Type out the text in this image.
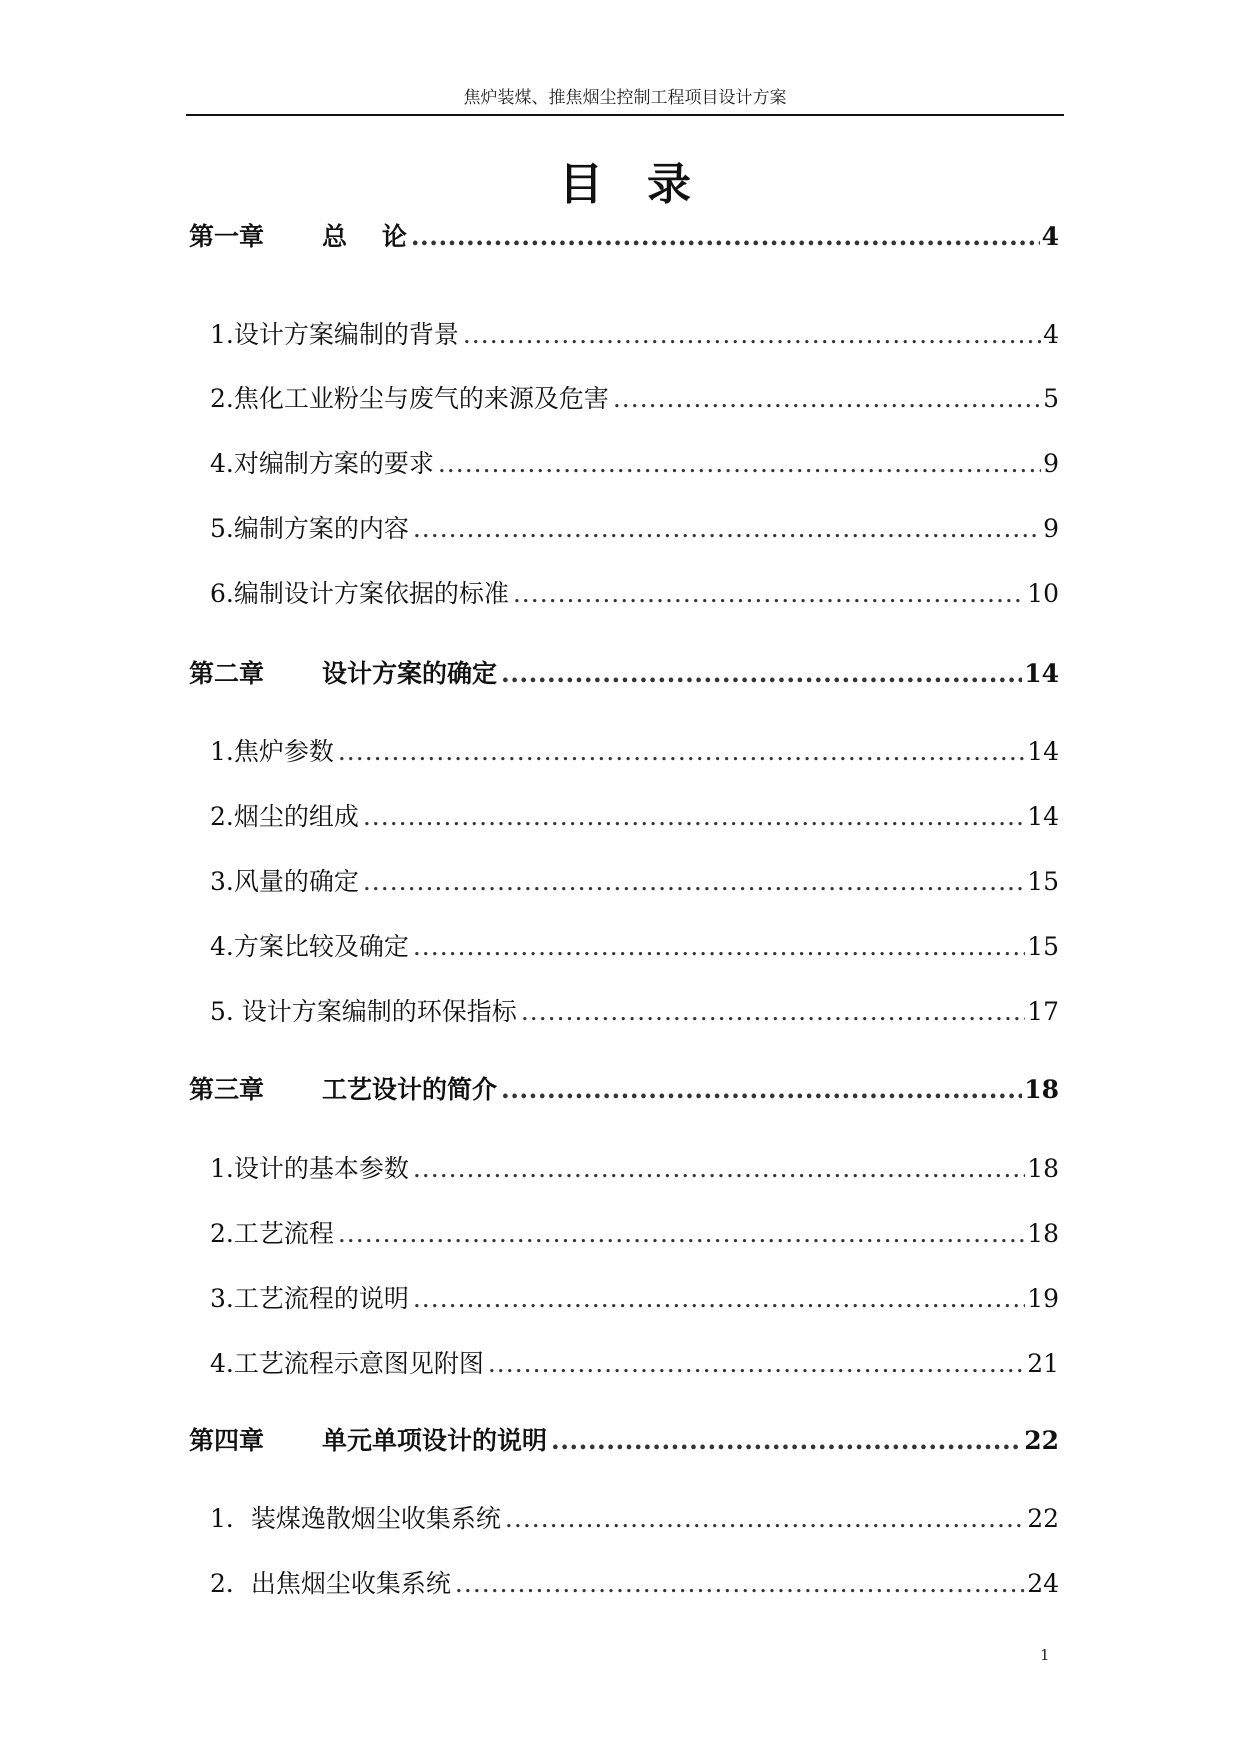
焦炉装煤、推焦烟尘控制工程项目设计方案
目录
第一章	总    论 .....	4
1.设计方案编制的背景 .....	4
2.焦化工业粉尘与废气的来源及危害 .....	5
4.对编制方案的要求 .....	9
5.编制方案的内容 .....	9
6.编制设计方案依据的标准 .....	10
第二章	设计方案的确定 .....	14
1.焦炉参数 .....	14
2.烟尘的组成 .....	14
3.风量的确定 .....	15
4.方案比较及确定 .....	15
5. 设计方案编制的环保指标 .....	17
第三章	工艺设计的简介 .....	18
1.设计的基本参数 .....	18
2.工艺流程 .....	18
3.工艺流程的说明 .....	19
4.工艺流程示意图见附图 .....	21
第四章	单元单项设计的说明 .....	22
1．装煤逸散烟尘收集系统 .....	22
2．出焦烟尘收集系统 .....	24
1
